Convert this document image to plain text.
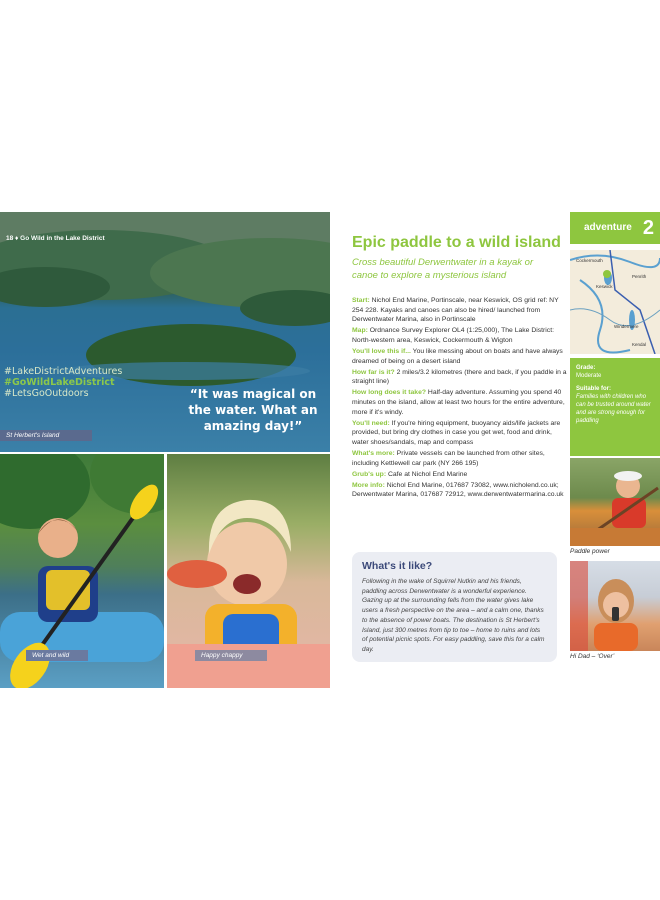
18 ♦ Go Wild in the Lake District
#LakeDistrictAdventures
#GoWildLakeDistrict
#LetsGoOutdoors	“It was magical on the water. What an amazing day!”
St Herbert's Island
Wet and wild	Happy chappy
Epic paddle to a wild island
Cross beautiful Derwentwater in a kayak or canoe to explore a mysterious island

Start: Nichol End Marine, Portinscale, near Keswick, OS grid ref: NY 254 228. Kayaks and canoes can also be hired/ launched from Derwentwater Marina, also in Portinscale

Map: Ordnance Survey Explorer OL4 (1:25,000), The Lake District: North-western area, Keswick, Cockermouth & Wigton

You'll love this if... You like messing about on boats and have always dreamed of being on a desert island

How far is it? 2 miles/3.2 kilometres (there and back, if you paddle in a straight line)

How long does it take? Half-day adventure. Assuming you spend 40 minutes on the island, allow at least two hours for the entire adventure, more if it's windy.

You'll need: If you're hiring equipment, buoyancy aids/life jackets are provided, but bring dry clothes in case you get wet, food and drink, water shoes/sandals, map and compass

What's more: Private vessels can be launched from other sites, including Kettlewell car park (NY 266 195)

Grub's up: Cafe at Nichol End Marine

More info: Nichol End Marine, 017687 73082, www.nicholend.co.uk; Derwentwater Marina, 017687 72912, www.derwentwatermarina.co.uk

What's it like?

Following in the wake of Squirrel Nutkin and his friends, paddling across Derwentwater is a wonderful experience. Gazing up at the surrounding fells from the water gives lake users a fresh perspective on the area – and a calm one, thanks to the absence of power boats. The destination is St Herbert's Island, just 300 metres from tip to toe – home to ruins and lots of potential picnic spots. For easy paddling, save this for a calm day.

adventure 2
Cockermouth
Keswick
Penrith
Windermere
Kendal
Grade:
Moderate
Suitable for:
Families with children who can be trusted around water and are strong enough for paddling
Paddle power
Hi Dad – ‘Over’
